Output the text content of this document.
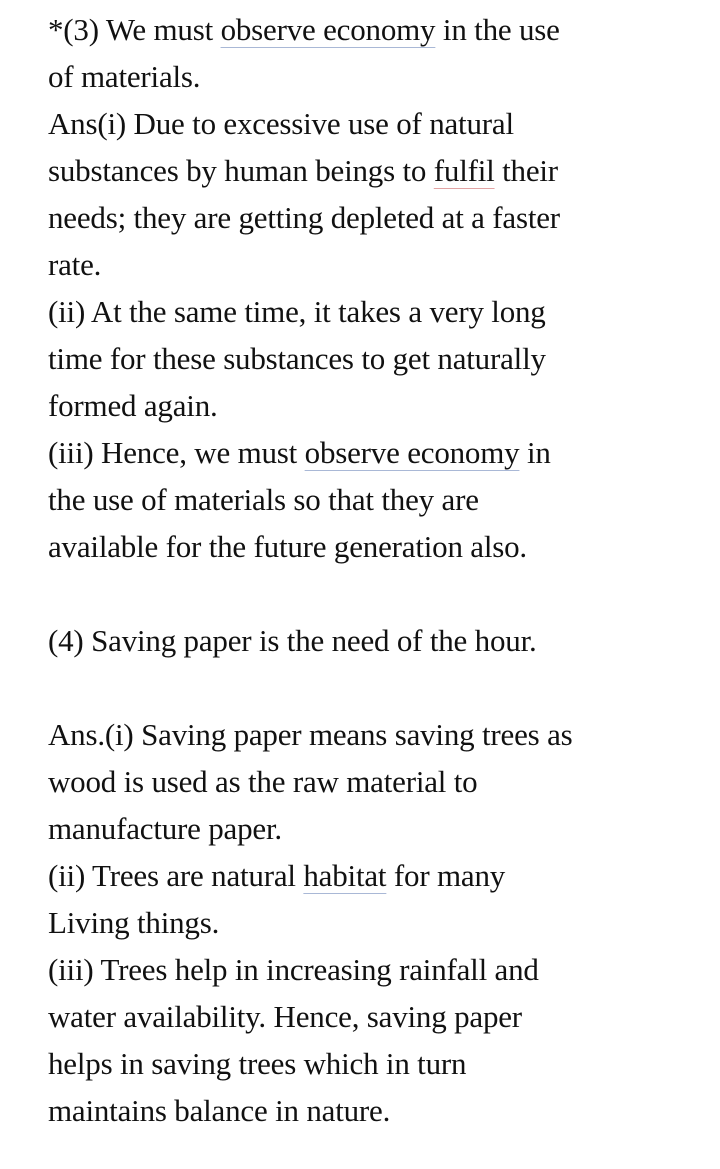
*(3) We must observe economy in the use
of materials.
Ans(i) Due to excessive use of natural
substances by human beings to fulfil their
needs; they are getting depleted at a faster
rate.
(ii) At the same time, it takes a very long
time for these substances to get naturally
formed again.
(iii) Hence, we must observe economy in
the use of materials so that they are
available for the future generation also.
(4) Saving paper is the need of the hour.
Ans.(i) Saving paper means saving trees as
wood is used as the raw material to
manufacture paper.
(ii) Trees are natural habitat for many
Living things.
(iii) Trees help in increasing rainfall and
water availability. Hence, saving paper
helps in saving trees which in turn
maintains balance in nature.
